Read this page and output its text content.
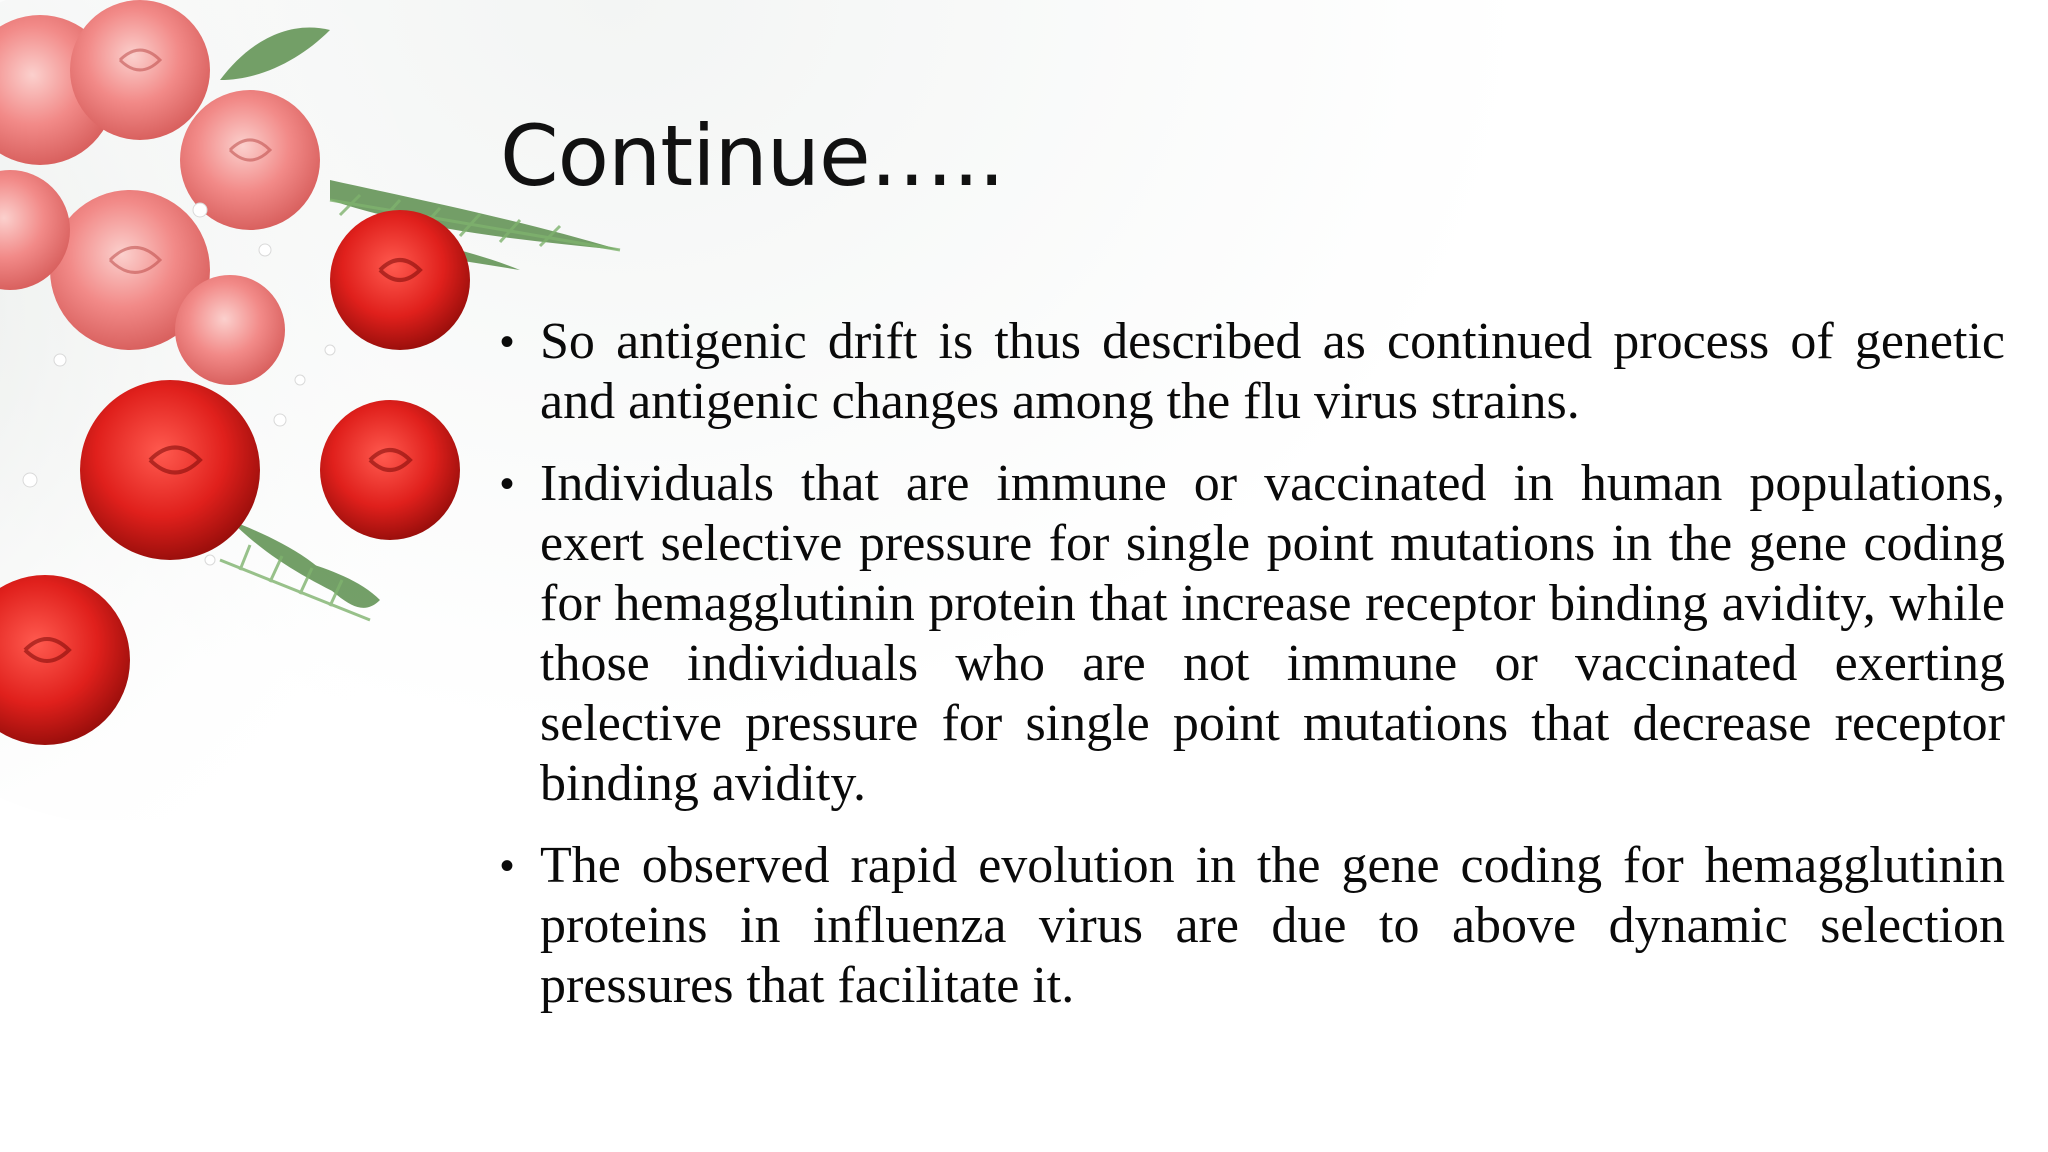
Continue…..
• So antigenic drift is thus described as continued process of genetic and antigenic changes among the flu virus strains.
• Individuals that are immune or vaccinated in human populations, exert selective pressure for single point mutations in the gene coding for hemagglutinin protein that increase receptor binding avidity, while those individuals who are not immune or vaccinated exerting selective pressure for single point mutations that decrease receptor binding avidity.
• The observed rapid evolution in the gene coding for hemagglutinin proteins in influenza virus are due to above dynamic selection pressures that facilitate it.
